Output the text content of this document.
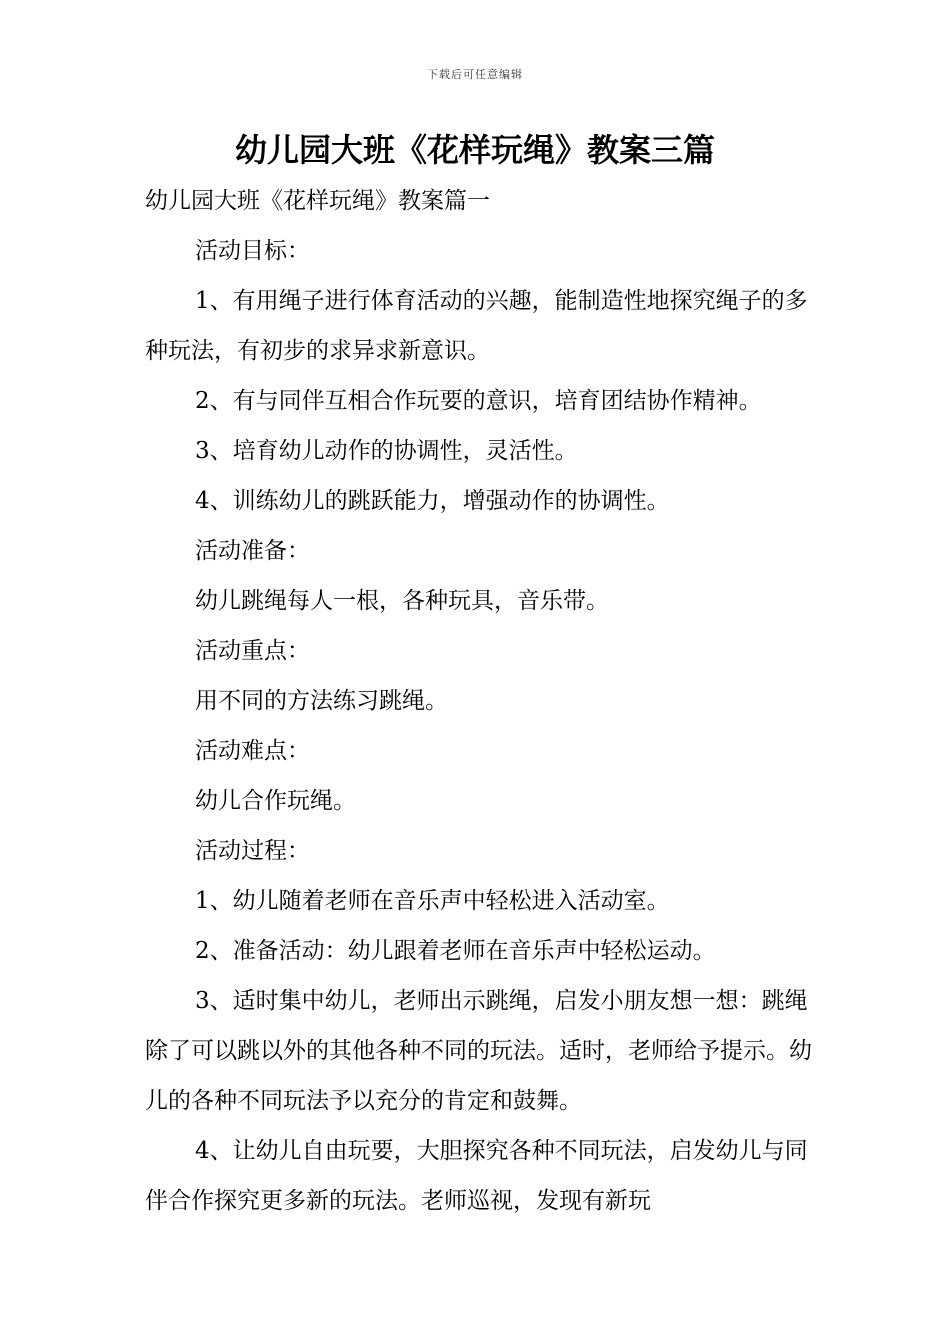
下载后可任意编辑
幼儿园大班《花样玩绳》教案三篇

幼儿园大班《花样玩绳》教案篇一

活动目标：

1、有用绳子进行体育活动的兴趣，能制造性地探究绳子的多种玩法，有初步的求异求新意识。

2、有与同伴互相合作玩要的意识，培育团结协作精神。

3、培育幼儿动作的协调性，灵活性。

4、训练幼儿的跳跃能力，增强动作的协调性。

活动准备：

幼儿跳绳每人一根，各种玩具，音乐带。

活动重点：

用不同的方法练习跳绳。

活动难点：

幼儿合作玩绳。

活动过程：

1、幼儿随着老师在音乐声中轻松进入活动室。

2、准备活动：幼儿跟着老师在音乐声中轻松运动。

3、适时集中幼儿，老师出示跳绳，启发小朋友想一想：跳绳除了可以跳以外的其他各种不同的玩法。适时，老师给予提示。幼儿的各种不同玩法予以充分的肯定和鼓舞。

4、让幼儿自由玩要，大胆探究各种不同玩法，启发幼儿与同伴合作探究更多新的玩法。老师巡视，发现有新玩
